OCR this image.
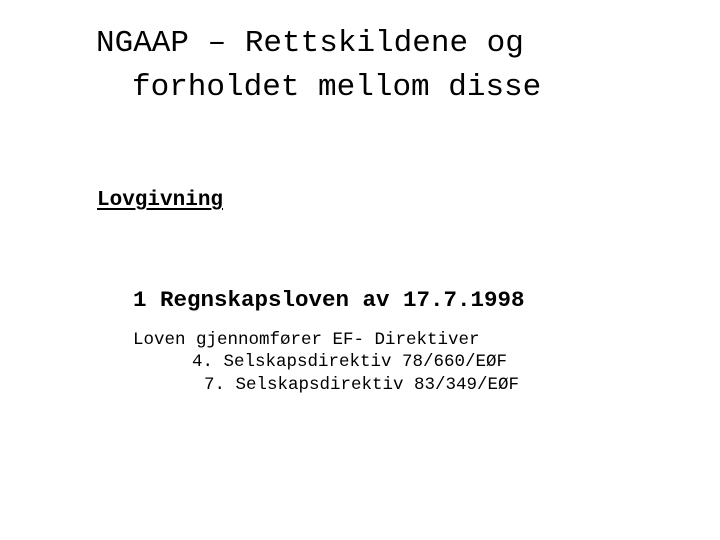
NGAAP – Rettskildene og
forholdet mellom disse
Lovgivning

1 Regnskapsloven av 17.7.1998

Loven gjennomfører EF- Direktiver

4. Selskapsdirektiv 78/660/EØF

7. Selskapsdirektiv 83/349/EØF
